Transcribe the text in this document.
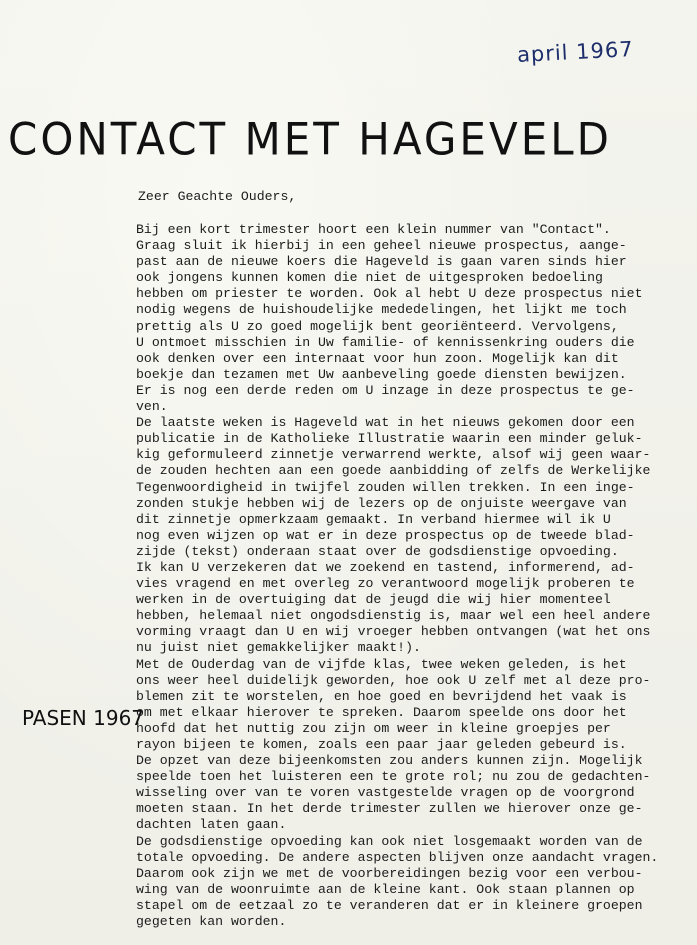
april 1967
CONTACT MET HAGEVELD
PASEN 1967
Zeer Geachte Ouders,
Bij een kort trimester hoort een klein nummer van "Contact".
Graag sluit ik hierbij in een geheel nieuwe prospectus, aange-
past aan de nieuwe koers die Hageveld is gaan varen sinds hier
ook jongens kunnen komen die niet de uitgesproken bedoeling
hebben om priester te worden. Ook al hebt U deze prospectus niet
nodig wegens de huishoudelijke mededelingen, het lijkt me toch
prettig als U zo goed mogelijk bent georiënteerd. Vervolgens,
U ontmoet misschien in Uw familie- of kennissenkring ouders die
ook denken over een internaat voor hun zoon. Mogelijk kan dit
boekje dan tezamen met Uw aanbeveling goede diensten bewijzen.
Er is nog een derde reden om U inzage in deze prospectus te ge-
ven.
De laatste weken is Hageveld wat in het nieuws gekomen door een
publicatie in de Katholieke Illustratie waarin een minder geluk-
kig geformuleerd zinnetje verwarrend werkte, alsof wij geen waar-
de zouden hechten aan een goede aanbidding of zelfs de Werkelijke
Tegenwoordigheid in twijfel zouden willen trekken. In een inge-
zonden stukje hebben wij de lezers op de onjuiste weergave van
dit zinnetje opmerkzaam gemaakt. In verband hiermee wil ik U
nog even wijzen op wat er in deze prospectus op de tweede blad-
zijde (tekst) onderaan staat over de godsdienstige opvoeding.
Ik kan U verzekeren dat we zoekend en tastend, informerend, ad-
vies vragend en met overleg zo verantwoord mogelijk proberen te
werken in de overtuiging dat de jeugd die wij hier momenteel
hebben, helemaal niet ongodsdienstig is, maar wel een heel andere
vorming vraagt dan U en wij vroeger hebben ontvangen (wat het ons
nu juist niet gemakkelijker maakt!).
Met de Ouderdag van de vijfde klas, twee weken geleden, is het
ons weer heel duidelijk geworden, hoe ook U zelf met al deze pro-
blemen zit te worstelen, en hoe goed en bevrijdend het vaak is
om met elkaar hierover te spreken. Daarom speelde ons door het
hoofd dat het nuttig zou zijn om weer in kleine groepjes per
rayon bijeen te komen, zoals een paar jaar geleden gebeurd is.
De opzet van deze bijeenkomsten zou anders kunnen zijn. Mogelijk
speelde toen het luisteren een te grote rol; nu zou de gedachten-
wisseling over van te voren vastgestelde vragen op de voorgrond
moeten staan. In het derde trimester zullen we hierover onze ge-
dachten laten gaan.
De godsdienstige opvoeding kan ook niet losgemaakt worden van de
totale opvoeding. De andere aspecten blijven onze aandacht vragen.
Daarom ook zijn we met de voorbereidingen bezig voor een verbou-
wing van de woonruimte aan de kleine kant. Ook staan plannen op
stapel om de eetzaal zo te veranderen dat er in kleinere groepen
gegeten kan worden.
